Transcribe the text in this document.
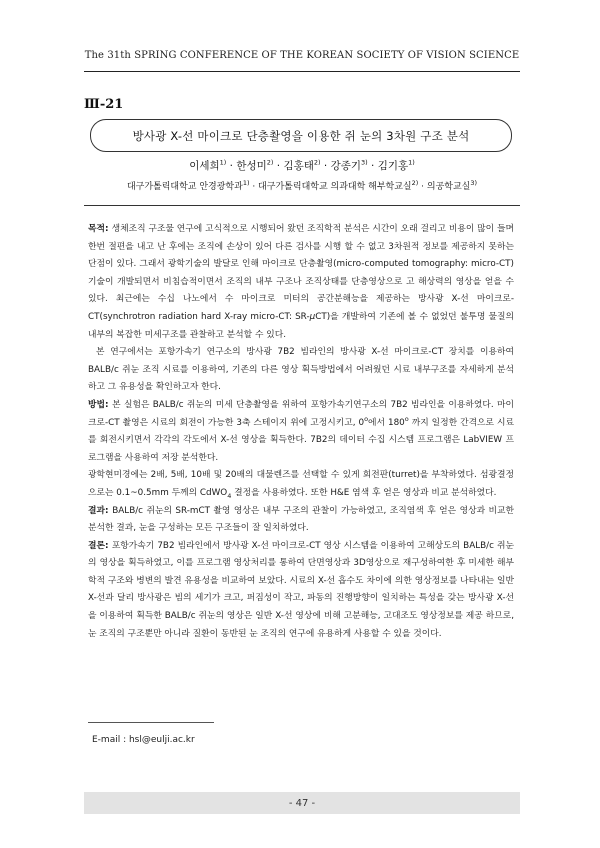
The 31th SPRING CONFERENCE OF THE KOREAN SOCIETY OF VISION SCIENCE
Ⅲ-21
방사광 X-선 마이크로 단층촬영을 이용한 쥐 눈의 3차원 구조 분석
이세희$^{1)}$ · 한성미$^{2)}$ · 김홍태$^{2)}$ · 강종기$^{3)}$ · 김기홍$^{1)}$
대구가톨릭대학교 안경광학과$^{1)}$ · 대구가톨릭대학교 의과대학 해부학교실$^{2)}$ · 의공학교실$^{3)}$

목적: 생체조직 구조물 연구에 고식적으로 시행되어 왔던 조직학적 분석은 시간이 오래 걸리고 비용이 많이 들며 한번 절편을 내고 난 후에는 조직에 손상이 있어 다른 검사를 시행 할 수 없고 3차원적 정보를 제공하지 못하는 단점이 있다. 그래서 광학기술의 발달로 인해 마이크로 단층촬영(micro-computed tomography: micro-CT)기술이 개발되면서 비침습적이면서 조직의 내부 구조나 조직상태를 단층영상으로 고 해상력의 영상을 얻을 수 있다. 최근에는 수십 나노에서 수 마이크로 미터의 공간분해능을 제공하는 방사광 X-선 마이크로-CT(synchrotron radiation hard X-ray micro-CT: SR-μCT)을 개발하여 기존에 볼 수 없었던 불투명 물질의 내부의 복잡한 미세구조를 관찰하고 분석할 수 있다.

본 연구에서는 포항가속기 연구소의 방사광 7B2 빔라인의 방사광 X-선 마이크로-CT 장치를 이용하여 BALB/c 쥐눈 조직 시료를 이용하여, 기존의 다른 영상 획득방법에서 어려웠던 시료 내부구조를 자세하게 분석하고 그 유용성을 확인하고자 한다.

방법: 본 실험은 BALB/c 쥐눈의 미세 단층촬영을 위하여 포항가속기연구소의 7B2 빔라인을 이용하였다. 마이크로-CT 촬영은 시료의 회전이 가능한 3축 스테이지 위에 고정시키고, 0$^o$에서 180$^o$ 까지 일정한 간격으로 시료를 회전시키면서 각각의 각도에서 X-선 영상을 획득한다. 7B2의 데이터 수집 시스템 프로그램은 LabVIEW 프로그램을 사용하여 저장 분석한다.

광학현미경에는 2배, 5배, 10배 및 20배의 대물렌즈를 선택할 수 있게 회전판(turret)을 부착하였다. 섬광결정으로는 0.1~0.5mm 두께의 CdWO$_4$ 결정을 사용하였다. 또한 H&E 염색 후 얻은 영상과 비교 분석하였다.

결과: BALB/c 쥐눈의 SR-mCT 촬영 영상은 내부 구조의 관찰이 가능하였고, 조직염색 후 얻은 영상과 비교한 분석한 결과, 눈을 구성하는 모든 구조들이 잘 일치하였다.

결론: 포항가속기 7B2 빔라인에서 방사광 X-선 마이크로-CT 영상 시스템을 이용하여 고해상도의 BALB/c 쥐눈의 영상을 획득하였고, 이를 프로그램 영상처리를 통하여 단면영상과 3D영상으로 재구성하여한 후 미세한 해부학적 구조와 병변의 발견 유용성을 비교하여 보았다. 시료의 X-선 흡수도 차이에 의한 영상정보를 나타내는 일반 X-선과 달리 방사광은 빔의 세기가 크고, 퍼짐성이 작고, 파동의 진행방향이 일치하는 특성을 갖는 방사광 X-선을 이용하여 획득한 BALB/c 쥐눈의 영상은 일반 X-선 영상에 비해 고분해능, 고대조도 영상정보를 제공 하므로, 눈 조직의 구조뿐만 아니라 질환이 동반된 눈 조직의 연구에 유용하게 사용할 수 있을 것이다.

E-mail : hsl@eulji.ac.kr
- 47 -
